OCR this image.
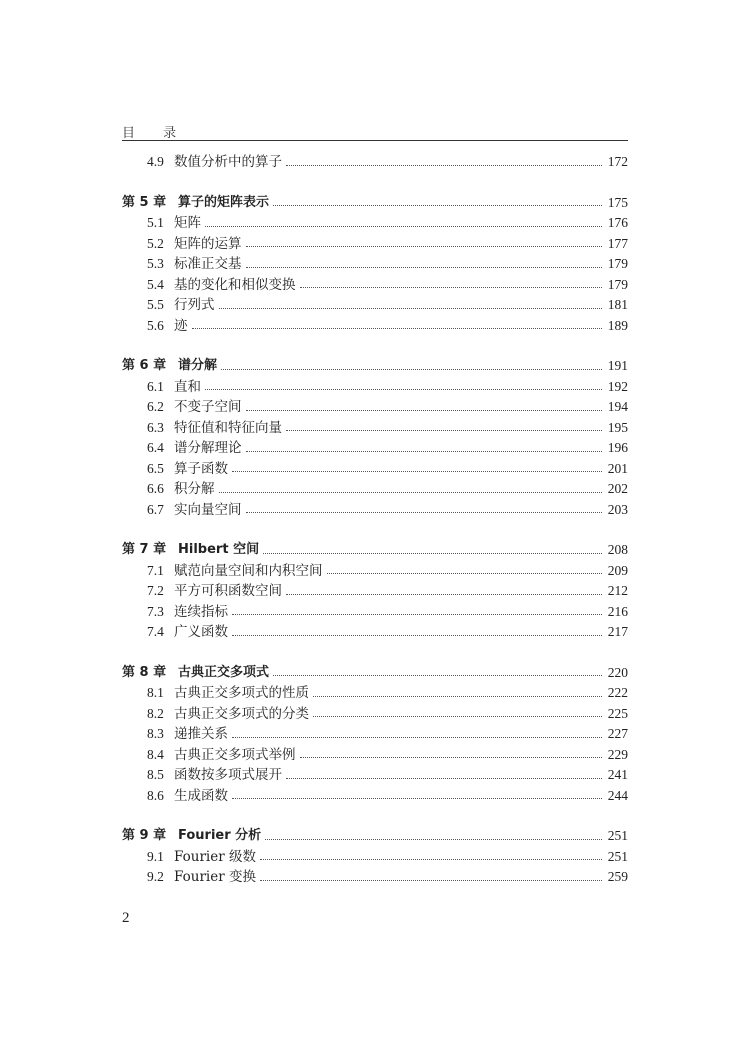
目 录
4.9 数值分析中的算子	172
第 5 章 算子的矩阵表示	175
5.1 矩阵	176
5.2 矩阵的运算	177
5.3 标准正交基	179
5.4 基的变化和相似变换	179
5.5 行列式	181
5.6 迹	189
第 6 章 谱分解	191
6.1 直和	192
6.2 不变子空间	194
6.3 特征值和特征向量	195
6.4 谱分解理论	196
6.5 算子函数	201
6.6 积分解	202
6.7 实向量空间	203
第 7 章 Hilbert 空间	208
7.1 赋范向量空间和内积空间	209
7.2 平方可积函数空间	212
7.3 连续指标	216
7.4 广义函数	217
第 8 章 古典正交多项式	220
8.1 古典正交多项式的性质	222
8.2 古典正交多项式的分类	225
8.3 递推关系	227
8.4 古典正交多项式举例	229
8.5 函数按多项式展开	241
8.6 生成函数	244
第 9 章 Fourier 分析	251
9.1 Fourier 级数	251
9.2 Fourier 变换	259
2
